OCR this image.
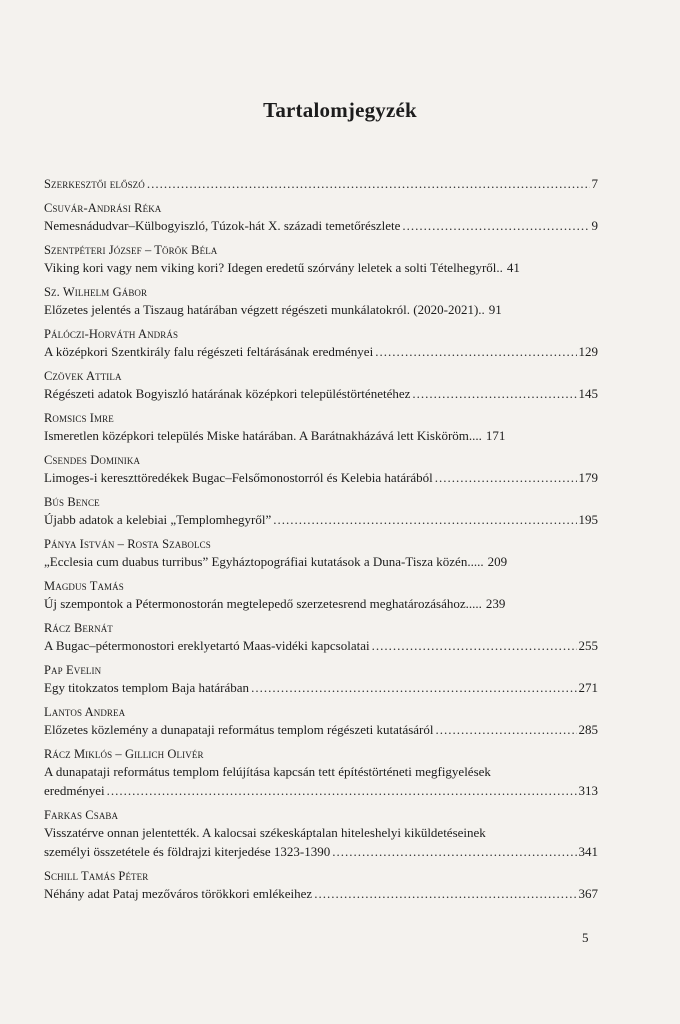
Tartalomjegyzék
Szerkesztői előszó .....	7
Csuvár-Andrási Réka
Nemesnádudvar–Külbogyiszló, Túzok-hát X. századi temetőrészlete .....	9
Szentpéteri József – Török Béla
Viking kori vagy nem viking kori? Idegen eredetű szórvány leletek a solti Tételhegyről.. 41
Sz. Wilhelm Gábor
Előzetes jelentés a Tiszaug határában végzett régészeti munkálatokról. (2020-2021).. 91
Pálóczi-Horváth András
A középkori Szentkirály falu régészeti feltárásának eredményei .....	129
Czövek Attila
Régészeti adatok Bogyiszló határának középkori településtörténetéhez .....	145
Romsics Imre
Ismeretlen középkori település Miske határában. A Barátnakházává lett Kisköröm.... 171
Csendes Dominika
Limoges-i kereszttöredékek Bugac–Felsőmonostorról és Kelebia határából .....	179
Bús Bence
Újabb adatok a kelebiai „Templomhegyről” .....	195
Pánya István – Rosta Szabolcs
„Ecclesia cum duabus turribus” Egyháztopográfiai kutatások a Duna-Tisza közén..... 209
Magdus Tamás
Új szempontok a Pétermonostorán megtelepedő szerzetesrend meghatározásához..... 239
Rácz Bernát
A Bugac–pétermonostori ereklyetartó Maas-vidéki kapcsolatai .....	255
Pap Evelin
Egy titokzatos templom Baja határában .....	271
Lantos Andrea
Előzetes közlemény a dunapataji református templom régészeti kutatásáról .....	285
Rácz Miklós – Gillich Olivér
A dunapataji református templom felújítása kapcsán tett építéstörténeti megfigyelések
eredményei .....	313
Farkas Csaba
Visszatérve onnan jelentették. A kalocsai székeskáptalan hiteleshelyi kiküldetéseinek
személyi összetétele és földrajzi kiterjedése 1323-1390 .....	341
Schill Tamás Péter
Néhány adat Pataj mezőváros törökkori emlékeihez .....	367
5
